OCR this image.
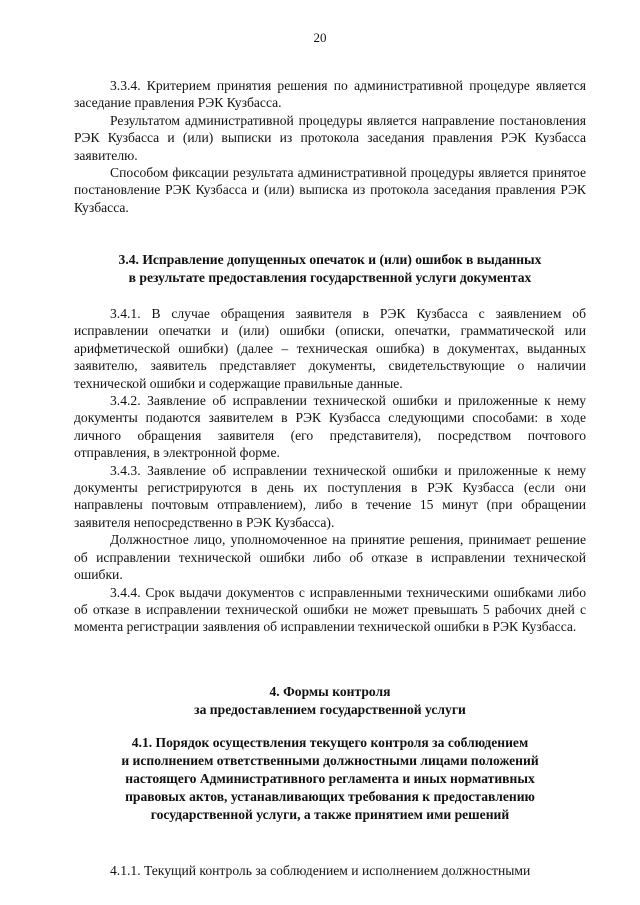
20

3.3.4. Критерием принятия решения по административной процедуре является заседание правления РЭК Кузбасса.

Результатом административной процедуры является направление постановления РЭК Кузбасса и (или) выписки из протокола заседания правления РЭК Кузбасса заявителю.

Способом фиксации результата административной процедуры является принятое постановление РЭК Кузбасса и (или) выписка из протокола заседания правления РЭК Кузбасса.

3.4. Исправление допущенных опечаток и (или) ошибок в выданных
в результате предоставления государственной услуги документах

3.4.1. В случае обращения заявителя в РЭК Кузбасса с заявлением об исправлении опечатки и (или) ошибки (описки, опечатки, грамматической или арифметической ошибки) (далее – техническая ошибка) в документах, выданных заявителю, заявитель представляет документы, свидетельствующие о наличии технической ошибки и содержащие правильные данные.

3.4.2. Заявление об исправлении технической ошибки и приложенные к нему документы подаются заявителем в РЭК Кузбасса следующими способами: в ходе личного обращения заявителя (его представителя), посредством почтового отправления, в электронной форме.

3.4.3. Заявление об исправлении технической ошибки и приложенные к нему документы регистрируются в день их поступления в РЭК Кузбасса (если они направлены почтовым отправлением), либо в течение 15 минут (при обращении заявителя непосредственно в РЭК Кузбасса).

Должностное лицо, уполномоченное на принятие решения, принимает решение об исправлении технической ошибки либо об отказе в исправлении технической ошибки.

3.4.4. Срок выдачи документов с исправленными техническими ошибками либо об отказе в исправлении технической ошибки не может превышать 5 рабочих дней с момента регистрации заявления об исправлении технической ошибки в РЭК Кузбасса.

4. Формы контроля
за предоставлением государственной услуги

4.1. Порядок осуществления текущего контроля за соблюдением
и исполнением ответственными должностными лицами положений
настоящего Административного регламента и иных нормативных
правовых актов, устанавливающих требования к предоставлению
государственной услуги, а также принятием ими решений

4.1.1. Текущий контроль за соблюдением и исполнением должностными
